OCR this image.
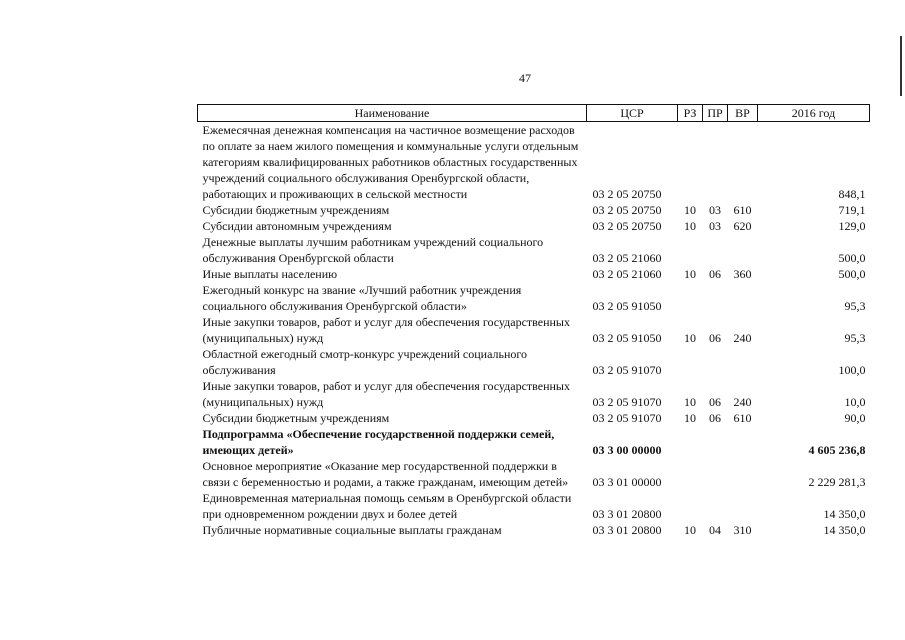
47
Наименование	ЦСР	РЗ	ПР	ВР	2016 год
Ежемесячная денежная компенсация на частичное возмещение расходов по оплате за наем жилого помещения и коммунальные услуги отдельным категориям квалифицированных работников областных государственных учреждений социального обслуживания Оренбургской области, работающих и проживающих в сельской местности	03 2 05 20750				848,1
Субсидии бюджетным учреждениям	03 2 05 20750	10	03	610	719,1
Субсидии автономным учреждениям	03 2 05 20750	10	03	620	129,0
Денежные выплаты лучшим работникам учреждений социального обслуживания Оренбургской области	03 2 05 21060				500,0
Иные выплаты населению	03 2 05 21060	10	06	360	500,0
Ежегодный конкурс на звание «Лучший работник учреждения социального обслуживания Оренбургской области»	03 2 05 91050				95,3
Иные закупки товаров, работ и услуг для обеспечения государственных (муниципальных) нужд	03 2 05 91050	10	06	240	95,3
Областной ежегодный смотр-конкурс учреждений социального обслуживания	03 2 05 91070				100,0
Иные закупки товаров, работ и услуг для обеспечения государственных (муниципальных) нужд	03 2 05 91070	10	06	240	10,0
Субсидии бюджетным учреждениям	03 2 05 91070	10	06	610	90,0
Подпрограмма «Обеспечение государственной поддержки семей, имеющих детей»	03 3 00 00000				4 605 236,8
Основное мероприятие «Оказание мер государственной поддержки в связи с беременностью и родами, а также гражданам, имеющим детей»	03 3 01 00000				2 229 281,3
Единовременная материальная помощь семьям в Оренбургской области при одновременном рождении двух и более детей	03 3 01 20800				14 350,0
Публичные нормативные социальные выплаты гражданам	03 3 01 20800	10	04	310	14 350,0
